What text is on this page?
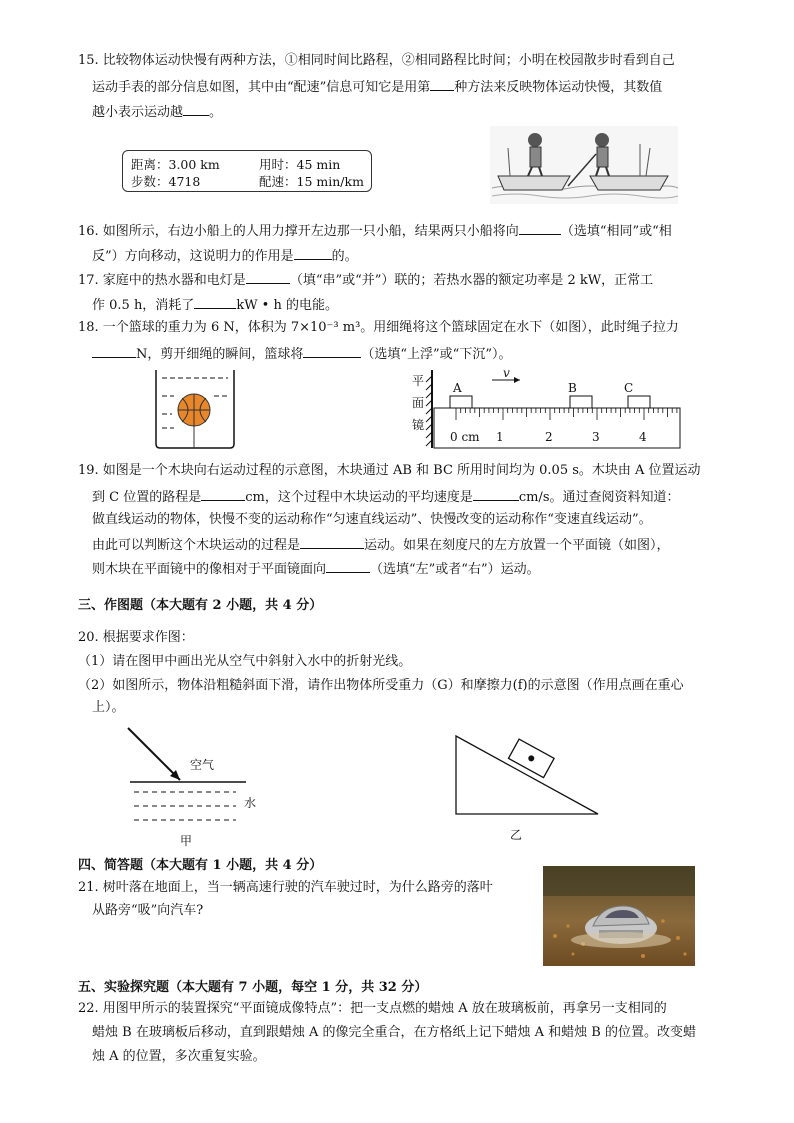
15. 比较物体运动快慢有两种方法，①相同时间比路程，②相同路程比时间；小明在校园散步时看到自己
运动手表的部分信息如图，其中由“配速”信息可知它是用第 种方法来反映物体运动快慢，其数值
越小表示运动越 。
距离：3.00 km	用时：45 min
步数：4718	配速：15 min/km
16. 如图所示，右边小船上的人用力撑开左边那一只小船，结果两只小船将向	（选填“相同”或“相
反”）方向移动，这说明力的作用是	的。
17. 家庭中的热水器和电灯是	（填“串”或“并”）联的；若热水器的额定功率是 2 kW，正常工
作 0.5 h，消耗了	kW • h 的电能。
18. 一个篮球的重力为 6 N，体积为 7×10⁻³ m³。用细绳将这个篮球固定在水下（如图），此时绳子拉力
N，剪开细绳的瞬间，篮球将	（选填“上浮”或“下沉”）。
平
面
镜
v
A	B	C
0 cm 1	2	3	4
19. 如图是一个木块向右运动过程的示意图，木块通过 AB 和 BC 所用时间均为 0.05 s。木块由 A 位置运动
到 C 位置的路程是	cm，这个过程中木块运动的平均速度是	cm/s。通过查阅资料知道：
做直线运动的物体，快慢不变的运动称作“匀速直线运动”、快慢改变的运动称作“变速直线运动”。
由此可以判断这个木块运动的过程是	运动。如果在刻度尺的左方放置一个平面镜（如图），
则木块在平面镜中的像相对于平面镜面向	（选填“左”或者“右”）运动。
三、作图题（本大题有 2 小题，共 4 分）
20. 根据要求作图：
（1）请在图甲中画出光从空气中斜射入水中的折射光线。
（2）如图所示，物体沿粗糙斜面下滑，请作出物体所受重力（G）和摩擦力(f)的示意图（作用点画在重心
上）。
空气
水
甲	乙
四、简答题（本大题有 1 小题，共 4 分）
21. 树叶落在地面上，当一辆高速行驶的汽车驶过时，为什么路旁的落叶
从路旁“吸”向汽车?
五、实验探究题（本大题有 7 小题，每空 1 分，共 32 分）
22. 用图甲所示的装置探究“平面镜成像特点”：把一支点燃的蜡烛 A 放在玻璃板前，再拿另一支相同的
蜡烛 B 在玻璃板后移动，直到跟蜡烛 A 的像完全重合，在方格纸上记下蜡烛 A 和蜡烛 B 的位置。改变蜡
烛 A 的位置，多次重复实验。
